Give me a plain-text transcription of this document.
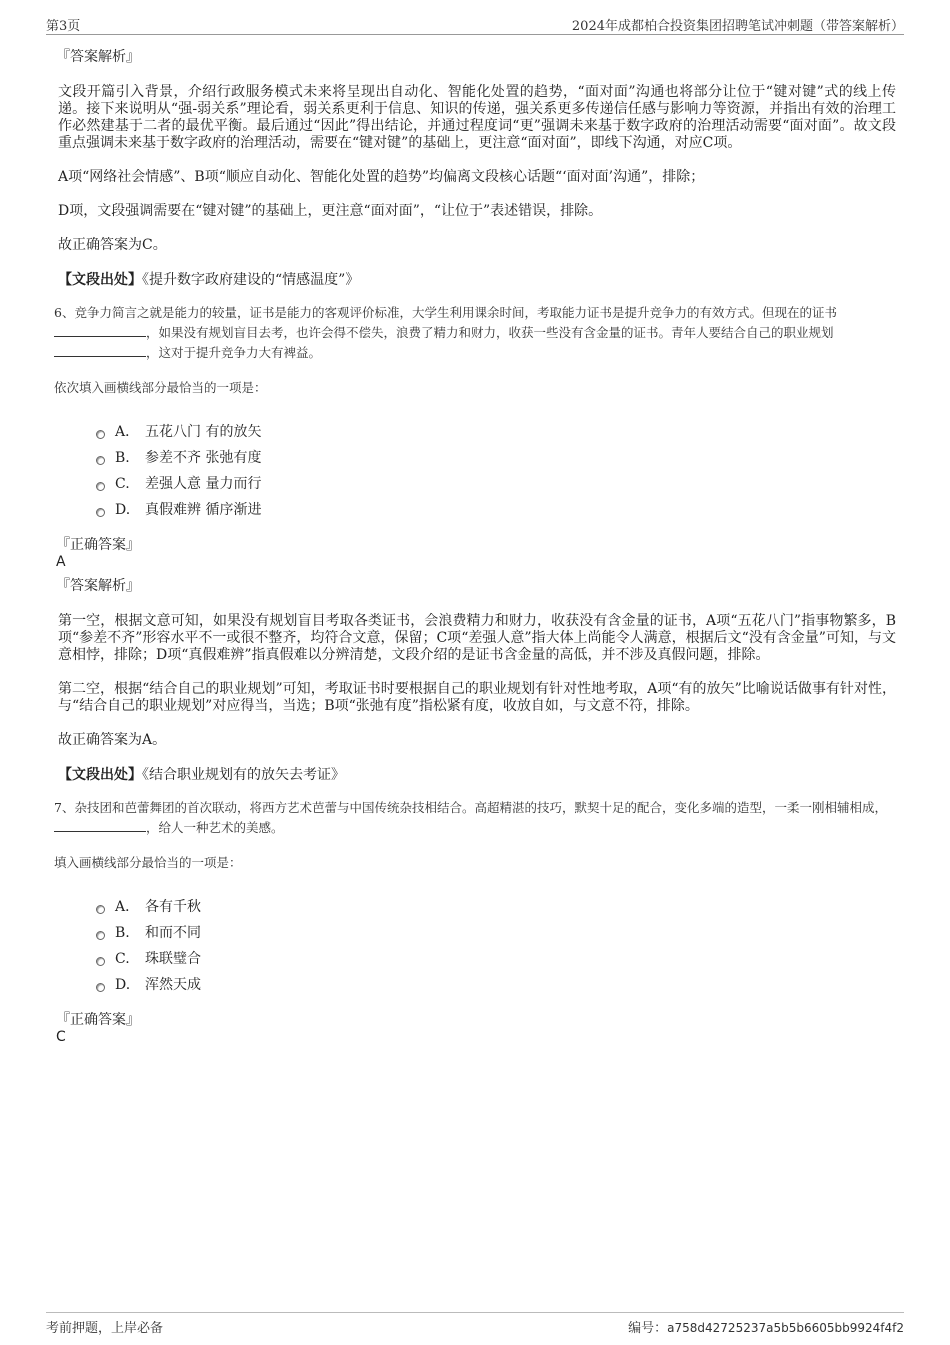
第3页	2024年成都柏合投资集团招聘笔试冲刺题（带答案解析）
『答案解析』

文段开篇引入背景，介绍行政服务模式未来将呈现出自动化、智能化处置的趋势，“面对面”沟通也将部分让位于“键对键”式的线上传递。接下来说明从“强-弱关系”理论看，弱关系更利于信息、知识的传递，强关系更多传递信任感与影响力等资源，并指出有效的治理工作必然建基于二者的最优平衡。最后通过“因此”得出结论，并通过程度词“更”强调未来基于数字政府的治理活动需要“面对面”。故文段重点强调未来基于数字政府的治理活动，需要在“键对键”的基础上，更注意“面对面”，即线下沟通，对应C项。

A项“网络社会情感”、B项“顺应自动化、智能化处置的趋势”均偏离文段核心话题“‘面对面’沟通”，排除；

D项，文段强调需要在“键对键”的基础上，更注意“面对面”，“让位于”表述错误，排除。

故正确答案为C。

【文段出处】《提升数字政府建设的“情感温度”》

6、竞争力简言之就是能力的较量，证书是能力的客观评价标准，大学生利用课余时间，考取能力证书是提升竞争力的有效方式。但现在的证书，如果没有规划盲目去考，也许会得不偿失，浪费了精力和财力，收获一些没有含金量的证书。青年人要结合自己的职业规划，这对于提升竞争力大有裨益。
依次填入画横线部分最恰当的一项是：
A． 五花八门 有的放矢
B.	参差不齐 张弛有度
C.	差强人意 量力而行
D.	真假难辨 循序渐进
『正确答案』
A
『答案解析』

第一空，根据文意可知，如果没有规划盲目考取各类证书，会浪费精力和财力，收获没有含金量的证书，A项“五花八门”指事物繁多，B项“参差不齐”形容水平不一或很不整齐，均符合文意，保留；C项“差强人意”指大体上尚能令人满意，根据后文“没有含金量”可知，与文意相悖，排除；D项“真假难辨”指真假难以分辨清楚，文段介绍的是证书含金量的高低，并不涉及真假问题，排除。

第二空，根据“结合自己的职业规划”可知，考取证书时要根据自己的职业规划有针对性地考取，A项“有的放矢”比喻说话做事有针对性，与“结合自己的职业规划”对应得当，当选；B项“张弛有度”指松紧有度，收放自如，与文意不符，排除。

故正确答案为A。

【文段出处】《结合职业规划有的放矢去考证》

7、杂技团和芭蕾舞团的首次联动，将西方艺术芭蕾与中国传统杂技相结合。高超精湛的技巧，默契十足的配合，变化多端的造型，一柔一刚相辅相成，，给人一种艺术的美感。
填入画横线部分最恰当的一项是：
A． 各有千秋
B.	和而不同
C.	珠联璧合
D.	浑然天成
『正确答案』
C
考前押题，上岸必备	编号：a758d42725237a5b5b6605bb9924f4f2
